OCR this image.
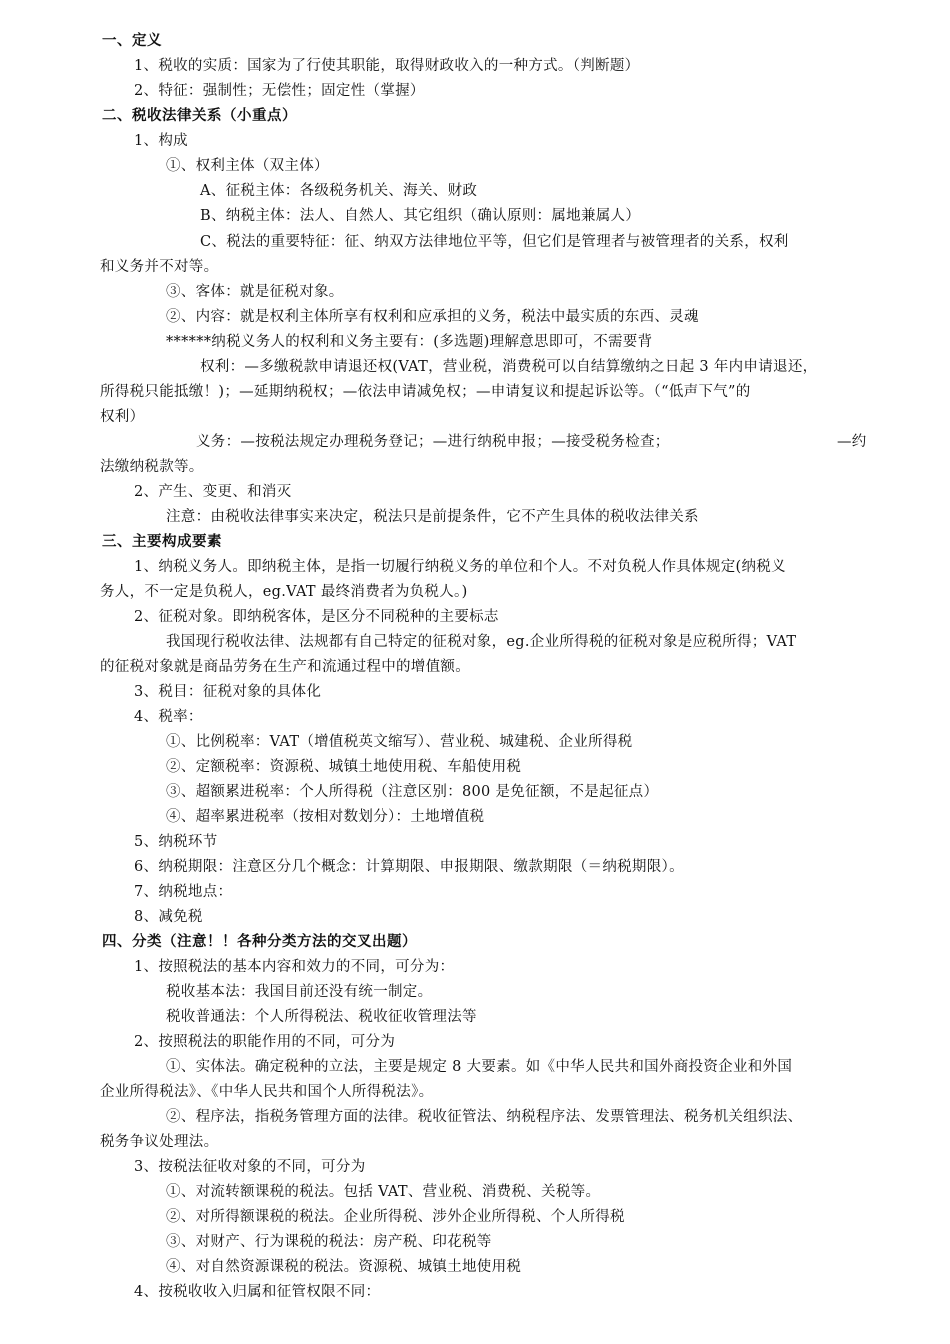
一、定义
1、税收的实质：国家为了行使其职能，取得财政收入的一种方式。（判断题）
2、特征：强制性；无偿性；固定性（掌握）
二、税收法律关系（小重点）
1、构成
①、权利主体（双主体）
A、征税主体：各级税务机关、海关、财政
B、纳税主体：法人、自然人、其它组织（确认原则：属地兼属人）
C、税法的重要特征：征、纳双方法律地位平等，但它们是管理者与被管理者的关系，权利
和义务并不对等。
③、客体：就是征税对象。
②、内容：就是权利主体所享有权利和应承担的义务，税法中最实质的东西、灵魂
******纳税义务人的权利和义务主要有：(多选题)理解意思即可，不需要背
权利：—多缴税款申请退还权(VAT，营业税，消费税可以自结算缴纳之日起 3 年内申请退还，
所得税只能抵缴！)；—延期纳税权；—依法申请减免权；—申请复议和提起诉讼等。（“低声下气”的
权利）
义务：—按税法规定办理税务登记；—进行纳税申报；—接受税务检查；	—约
法缴纳税款等。
2、产生、变更、和消灭
注意：由税收法律事实来决定，税法只是前提条件，它不产生具体的税收法律关系
三、主要构成要素
1、纳税义务人。即纳税主体，是指一切履行纳税义务的单位和个人。不对负税人作具体规定(纳税义
务人，不一定是负税人，eg.VAT 最终消费者为负税人。)
2、征税对象。即纳税客体，是区分不同税种的主要标志
我国现行税收法律、法规都有自己特定的征税对象，eg.企业所得税的征税对象是应税所得；VAT
的征税对象就是商品劳务在生产和流通过程中的增值额。
3、税目：征税对象的具体化
4、税率：
①、比例税率：VAT（增值税英文缩写）、营业税、城建税、企业所得税
②、定额税率：资源税、城镇土地使用税、车船使用税
③、超额累进税率：个人所得税（注意区别：800 是免征额，不是起征点）
④、超率累进税率（按相对数划分）：土地增值税
5、纳税环节
6、纳税期限：注意区分几个概念：计算期限、申报期限、缴款期限（＝纳税期限）。
7、纳税地点：
8、减免税
四、分类（注意！！各种分类方法的交叉出题）
1、按照税法的基本内容和效力的不同，可分为：
税收基本法：我国目前还没有统一制定。
税收普通法：个人所得税法、税收征收管理法等
2、按照税法的职能作用的不同，可分为
①、实体法。确定税种的立法，主要是规定 8 大要素。如《中华人民共和国外商投资企业和外国
企业所得税法》、《中华人民共和国个人所得税法》。
②、程序法，指税务管理方面的法律。税收征管法、纳税程序法、发票管理法、税务机关组织法、
税务争议处理法。
3、按税法征收对象的不同，可分为
①、对流转额课税的税法。包括 VAT、营业税、消费税、关税等。
②、对所得额课税的税法。企业所得税、涉外企业所得税、个人所得税
③、对财产、行为课税的税法：房产税、印花税等
④、对自然资源课税的税法。资源税、城镇土地使用税
4、按税收收入归属和征管权限不同：
